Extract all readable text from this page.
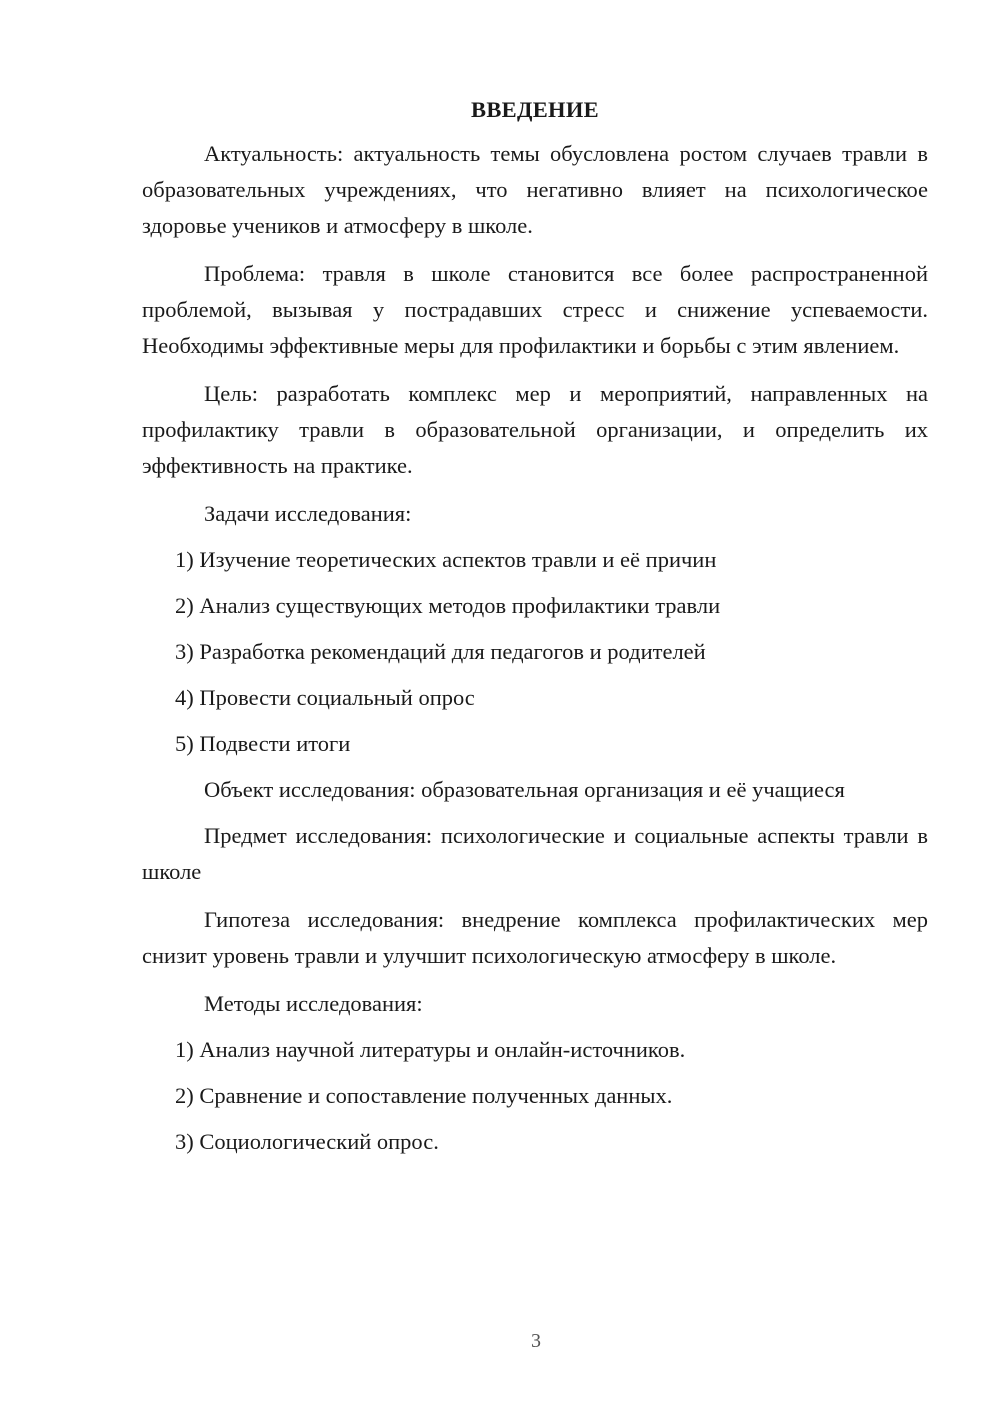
ВВЕДЕНИЕ

Актуальность: актуальность темы обусловлена ростом случаев травли в образовательных учреждениях, что негативно влияет на психологическое здоровье учеников и атмосферу в школе.

Проблема: травля в школе становится все более распространенной проблемой, вызывая у пострадавших стресс и снижение успеваемости. Необходимы эффективные меры для профилактики и борьбы с этим явлением.

Цель: разработать комплекс мер и мероприятий, направленных на профилактику травли в образовательной организации, и определить их эффективность на практике.

Задачи исследования:

1) Изучение теоретических аспектов травли и её причин

2) Анализ существующих методов профилактики травли

3) Разработка рекомендаций для педагогов и родителей

4) Провести социальный опрос

5) Подвести итоги

Объект исследования: образовательная организация и её учащиеся

Предмет исследования: психологические и социальные аспекты травли в школе

Гипотеза исследования: внедрение комплекса профилактических мер снизит уровень травли и улучшит психологическую атмосферу в школе.

Методы исследования:

1) Анализ научной литературы и онлайн-источников.

2) Сравнение и сопоставление полученных данных.

3) Социологический опрос.

3
